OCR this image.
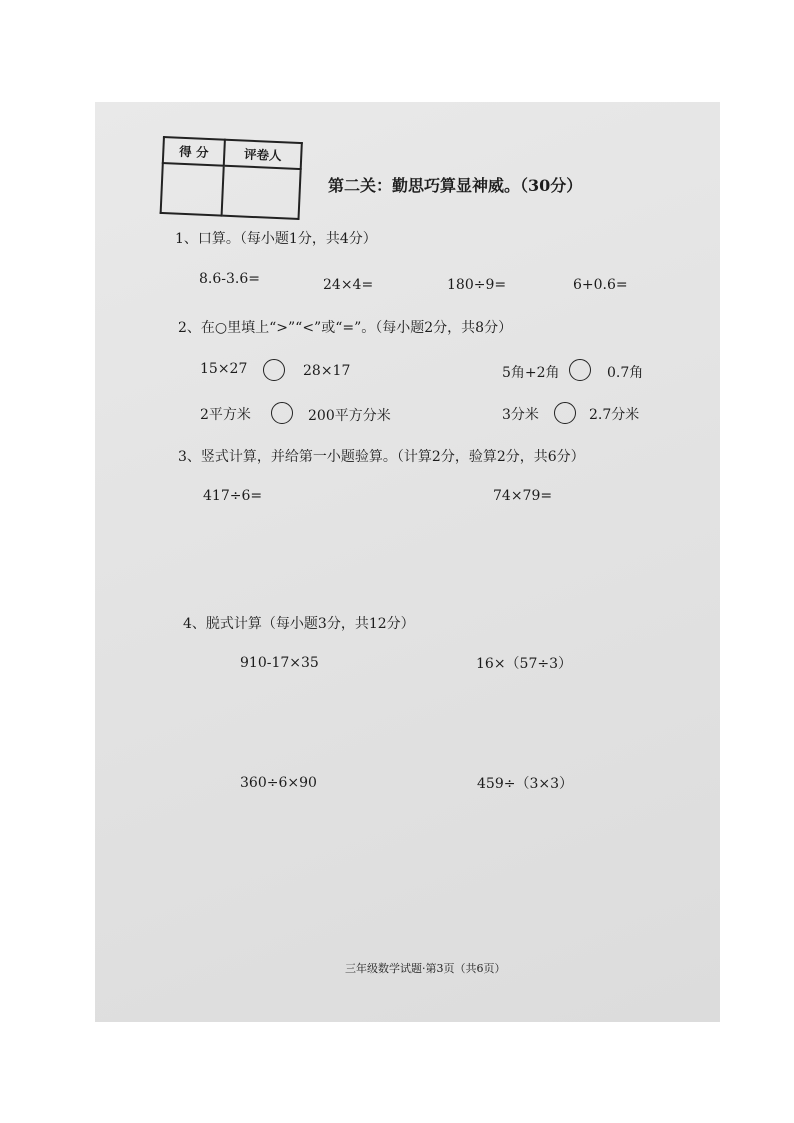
得 分	评卷人

第二关：勤思巧算显神威。（30分）
1、口算。（每小题1分，共4分）
8.6-3.6=	24×4=	180÷9=	6+0.6=
2、在○里填上“>”“<”或“=”。（每小题2分，共8分）
15×27	28×17	5角+2角	0.7角
2平方米	200平方分米	3分米	2.7分米
3、竖式计算，并给第一小题验算。（计算2分，验算2分，共6分）
417÷6=	74×79=
4、脱式计算（每小题3分，共12分）
910-17×35	16×（57÷3）
360÷6×90	459÷（3×3）
三年级数学试题·第3页（共6页）
